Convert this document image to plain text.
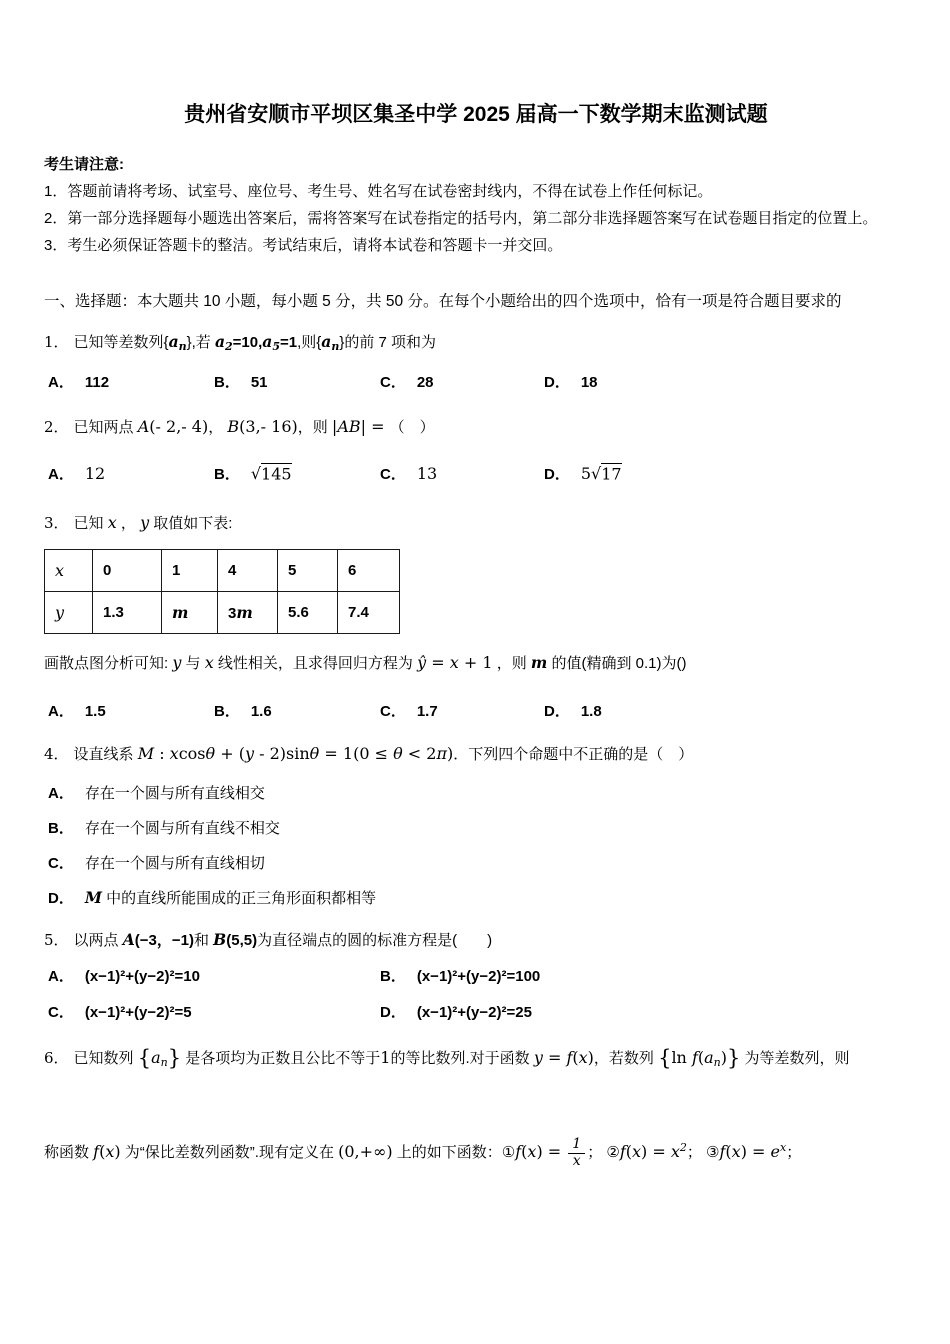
贵州省安顺市平坝区集圣中学 2025 届高一下数学期末监测试题

考生请注意:

1．答题前请将考场、试室号、座位号、考生号、姓名写在试卷密封线内，不得在试卷上作任何标记。

2．第一部分选择题每小题选出答案后，需将答案写在试卷指定的括号内，第二部分非选择题答案写在试卷题目指定的位置上。

3．考生必须保证答题卡的整洁。考试结束后，请将本试卷和答题卡一并交回。

一、选择题：本大题共 10 小题，每小题 5 分，共 50 分。在每个小题给出的四个选项中，恰有一项是符合题目要求的

1． 已知等差数列{an},若 a2=10,a5=1,则{an}的前 7 项和为

A． 112	B． 51	C． 28	D． 18

2． 已知两点 A(- 2,- 4)， B(3,- 16)，则 |AB| = （　）

A． 12	B． √145	C． 13	D． 5√17

3． 已知 x ， y 取值如下表:

x	0	1	4	5	6
y	1.3	m	3m	5.6	7.4

画散点图分析可知: y 与 x 线性相关，且求得回归方程为 ŷ = x + 1 ，则 m 的值(精确到 0.1)为()

A． 1.5	B． 1.6	C． 1.7	D． 1.8

4． 设直线系 M : xcosθ + (y - 2)sinθ = 1(0 ≤ θ < 2π)．下列四个命题中不正确的是（　）

A． 存在一个圆与所有直线相交
B． 存在一个圆与所有直线不相交
C． 存在一个圆与所有直线相切
D． M 中的直线所能围成的正三角形面积都相等

5． 以两点 A(−3，−1)和 B(5,5)为直径端点的圆的标准方程是(　　)

A． (x−1)²+(y−2)²=10	B． (x−1)²+(y−2)²=100
C． (x−1)²+(y−2)²=5	D． (x−1)²+(y−2)²=25

6． 已知数列 {an} 是各项均为正数且公比不等于1的等比数列.对于函数 y = f(x)，若数列 {ln f(an)} 为等差数列，则

称函数 f(x) 为“保比差数列函数”.现有定义在 (0,+∞) 上的如下函数：①f(x) = $\frac{1}{x}$ ； ②f(x) = $x^2$； ③f(x) = $e^x$；
